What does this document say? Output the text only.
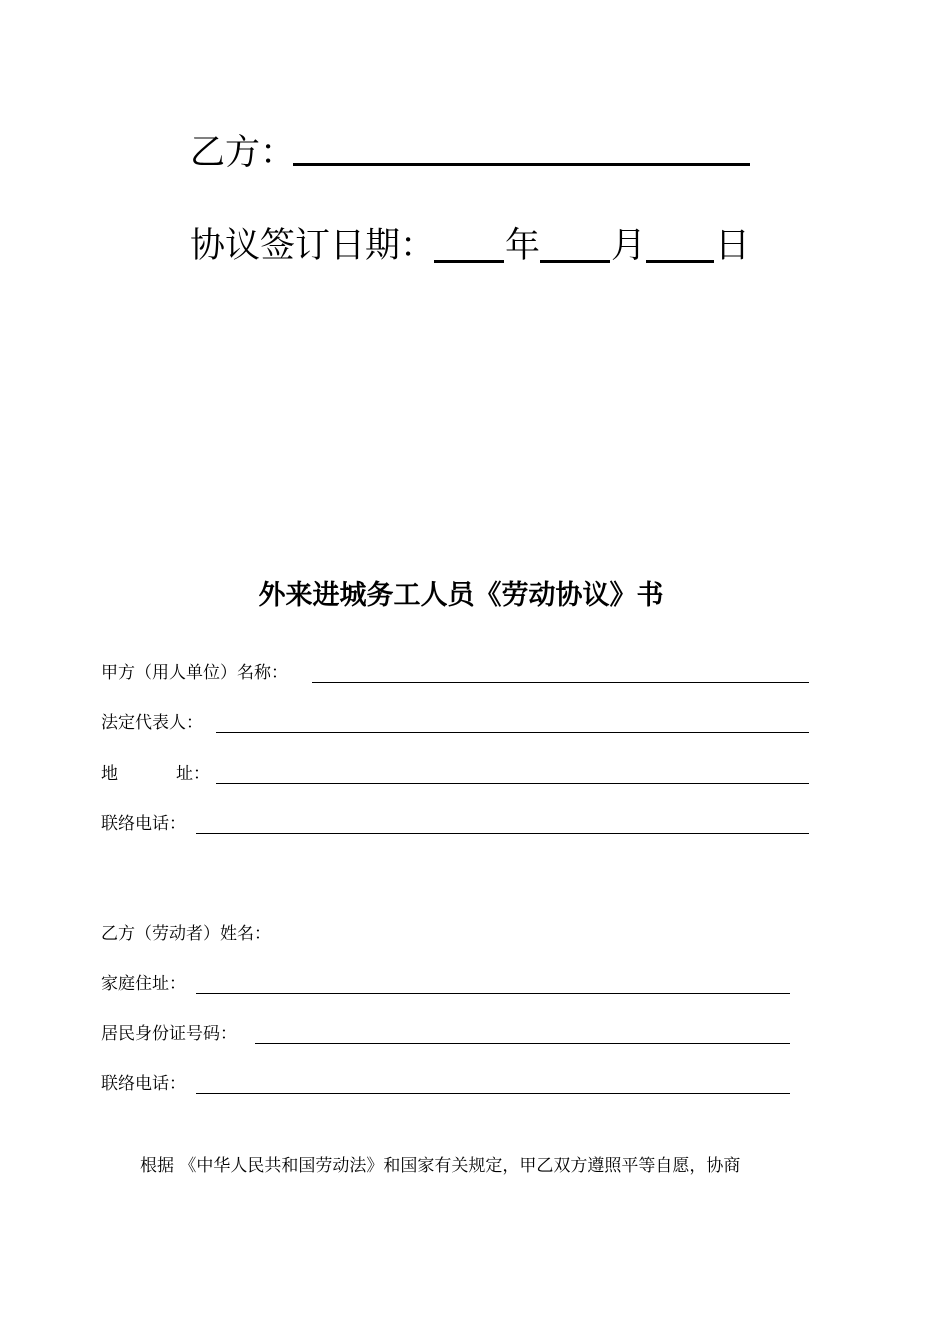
乙方：
协议签订日期： 年 月 日
外来进城务工人员《劳动协议》书
甲方（用人单位）名称：
法定代表人：
地	址：
联络电话：
乙方（劳动者）姓名：
家庭住址：
居民身份证号码：
联络电话：
根据 《中华人民共和国劳动法》和国家有关规定，甲乙双方遵照平等自愿，协商
